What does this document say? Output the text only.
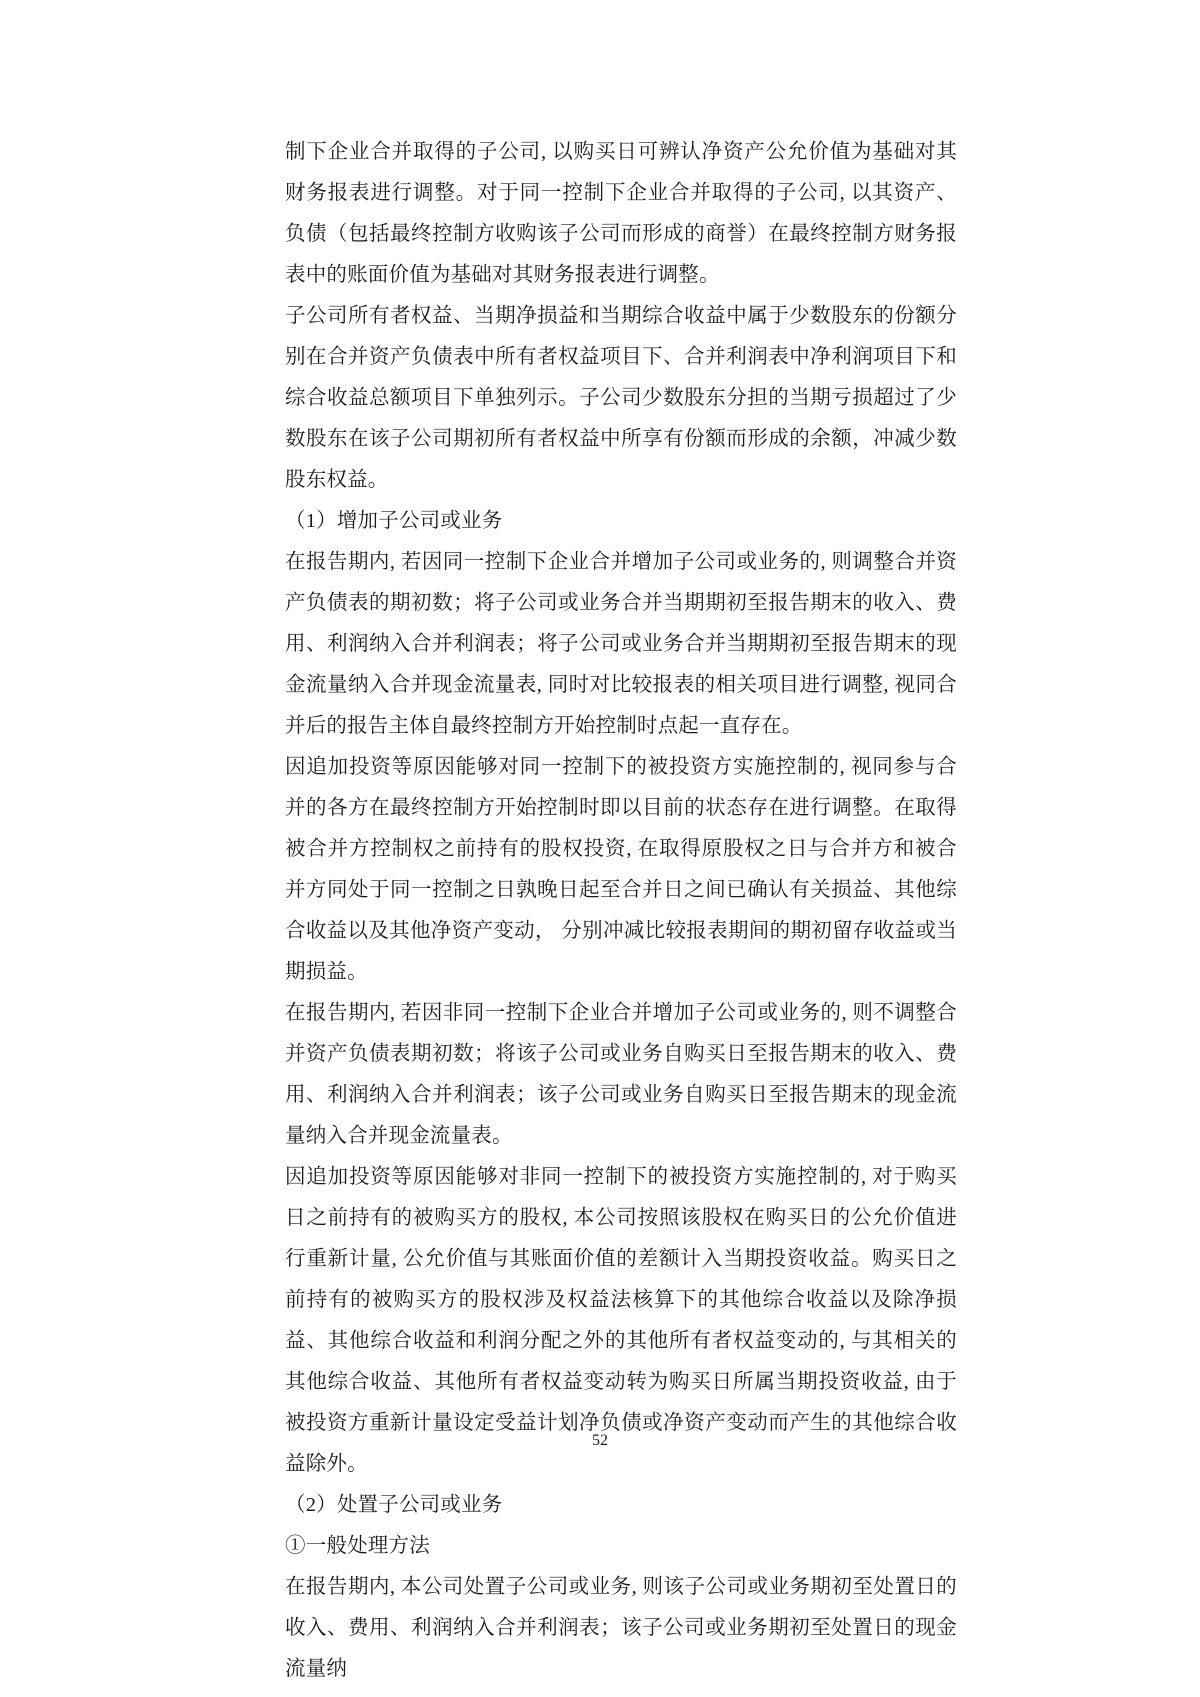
制下企业合并取得的子公司, 以购买日可辨认净资产公允价值为基础对其财务报表进行调整。对于同一控制下企业合并取得的子公司, 以其资产、负债（包括最终控制方收购该子公司而形成的商誉）在最终控制方财务报表中的账面价值为基础对其财务报表进行调整。

子公司所有者权益、当期净损益和当期综合收益中属于少数股东的份额分别在合并资产负债表中所有者权益项目下、合并利润表中净利润项目下和综合收益总额项目下单独列示。子公司少数股东分担的当期亏损超过了少数股东在该子公司期初所有者权益中所享有份额而形成的余额，冲减少数股东权益。

（1）增加子公司或业务

在报告期内, 若因同一控制下企业合并增加子公司或业务的, 则调整合并资产负债表的期初数；将子公司或业务合并当期期初至报告期末的收入、费用、利润纳入合并利润表；将子公司或业务合并当期期初至报告期末的现金流量纳入合并现金流量表, 同时对比较报表的相关项目进行调整, 视同合并后的报告主体自最终控制方开始控制时点起一直存在。

因追加投资等原因能够对同一控制下的被投资方实施控制的, 视同参与合并的各方在最终控制方开始控制时即以目前的状态存在进行调整。在取得被合并方控制权之前持有的股权投资, 在取得原股权之日与合并方和被合并方同处于同一控制之日孰晚日起至合并日之间已确认有关损益、其他综合收益以及其他净资产变动， 分别冲减比较报表期间的期初留存收益或当期损益。

在报告期内, 若因非同一控制下企业合并增加子公司或业务的, 则不调整合并资产负债表期初数；将该子公司或业务自购买日至报告期末的收入、费用、利润纳入合并利润表；该子公司或业务自购买日至报告期末的现金流量纳入合并现金流量表。

因追加投资等原因能够对非同一控制下的被投资方实施控制的, 对于购买日之前持有的被购买方的股权, 本公司按照该股权在购买日的公允价值进行重新计量, 公允价值与其账面价值的差额计入当期投资收益。购买日之前持有的被购买方的股权涉及权益法核算下的其他综合收益以及除净损益、其他综合收益和利润分配之外的其他所有者权益变动的, 与其相关的其他综合收益、其他所有者权益变动转为购买日所属当期投资收益, 由于被投资方重新计量设定受益计划净负债或净资产变动而产生的其他综合收益除外。

（2）处置子公司或业务

①一般处理方法

在报告期内, 本公司处置子公司或业务, 则该子公司或业务期初至处置日的收入、费用、利润纳入合并利润表；该子公司或业务期初至处置日的现金流量纳

52
